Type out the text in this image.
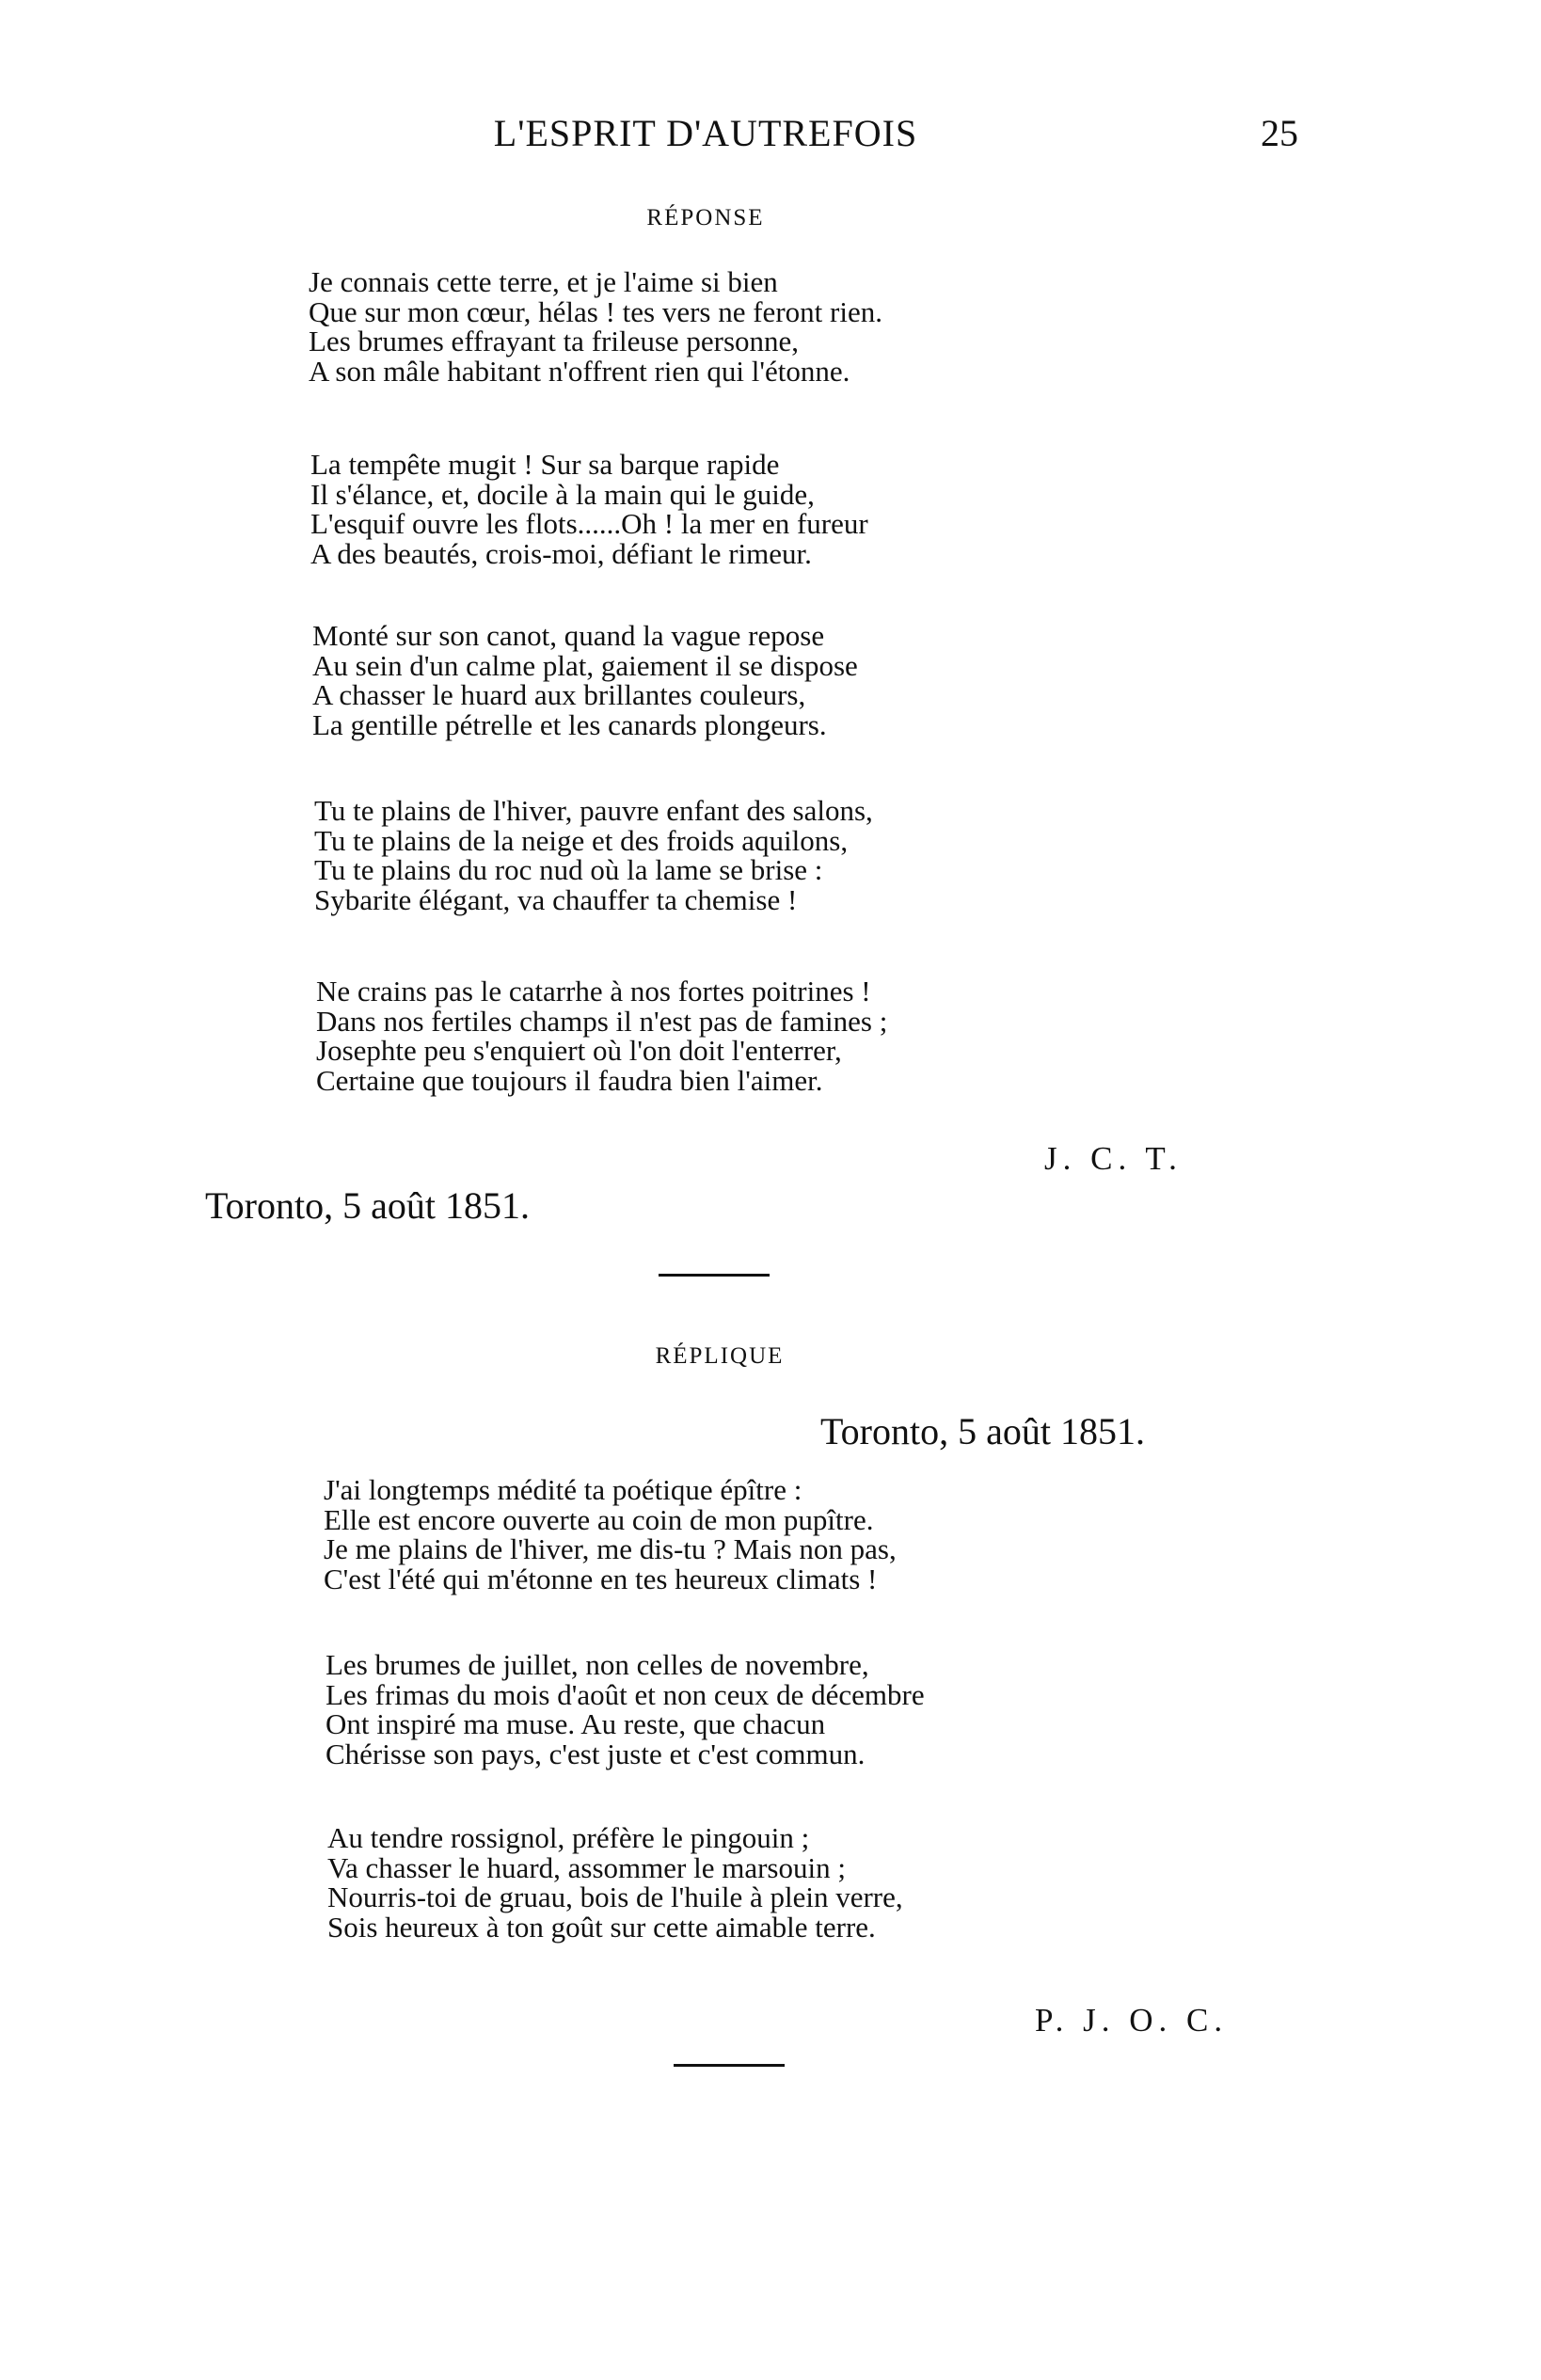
L'ESPRIT D'AUTREFOIS	25
RÉPONSE
Je connais cette terre, et je l'aime si bien
Que sur mon cœur, hélas ! tes vers ne feront rien.
Les brumes effrayant ta frileuse personne,
A son mâle habitant n'offrent rien qui l'étonne.
La tempête mugit ! Sur sa barque rapide
Il s'élance, et, docile à la main qui le guide,
L'esquif ouvre les flots......Oh ! la mer en fureur
A des beautés, crois-moi, défiant le rimeur.
Monté sur son canot, quand la vague repose
Au sein d'un calme plat, gaiement il se dispose
A chasser le huard aux brillantes couleurs,
La gentille pétrelle et les canards plongeurs.
Tu te plains de l'hiver, pauvre enfant des salons,
Tu te plains de la neige et des froids aquilons,
Tu te plains du roc nud où la lame se brise :
Sybarite élégant, va chauffer ta chemise !
Ne crains pas le catarrhe à nos fortes poitrines !
Dans nos fertiles champs il n'est pas de famines ;
Josephte peu s'enquiert où l'on doit l'enterrer,
Certaine que toujours il faudra bien l'aimer.
J. C. T.
Toronto, 5 août 1851.
RÉPLIQUE
Toronto, 5 août 1851.
J'ai longtemps médité ta poétique épître :
Elle est encore ouverte au coin de mon pupître.
Je me plains de l'hiver, me dis-tu ? Mais non pas,
C'est l'été qui m'étonne en tes heureux climats !
Les brumes de juillet, non celles de novembre,
Les frimas du mois d'août et non ceux de décembre
Ont inspiré ma muse. Au reste, que chacun
Chérisse son pays, c'est juste et c'est commun.
Au tendre rossignol, préfère le pingouin ;
Va chasser le huard, assommer le marsouin ;
Nourris-toi de gruau, bois de l'huile à plein verre,
Sois heureux à ton goût sur cette aimable terre.
P. J. O. C.
